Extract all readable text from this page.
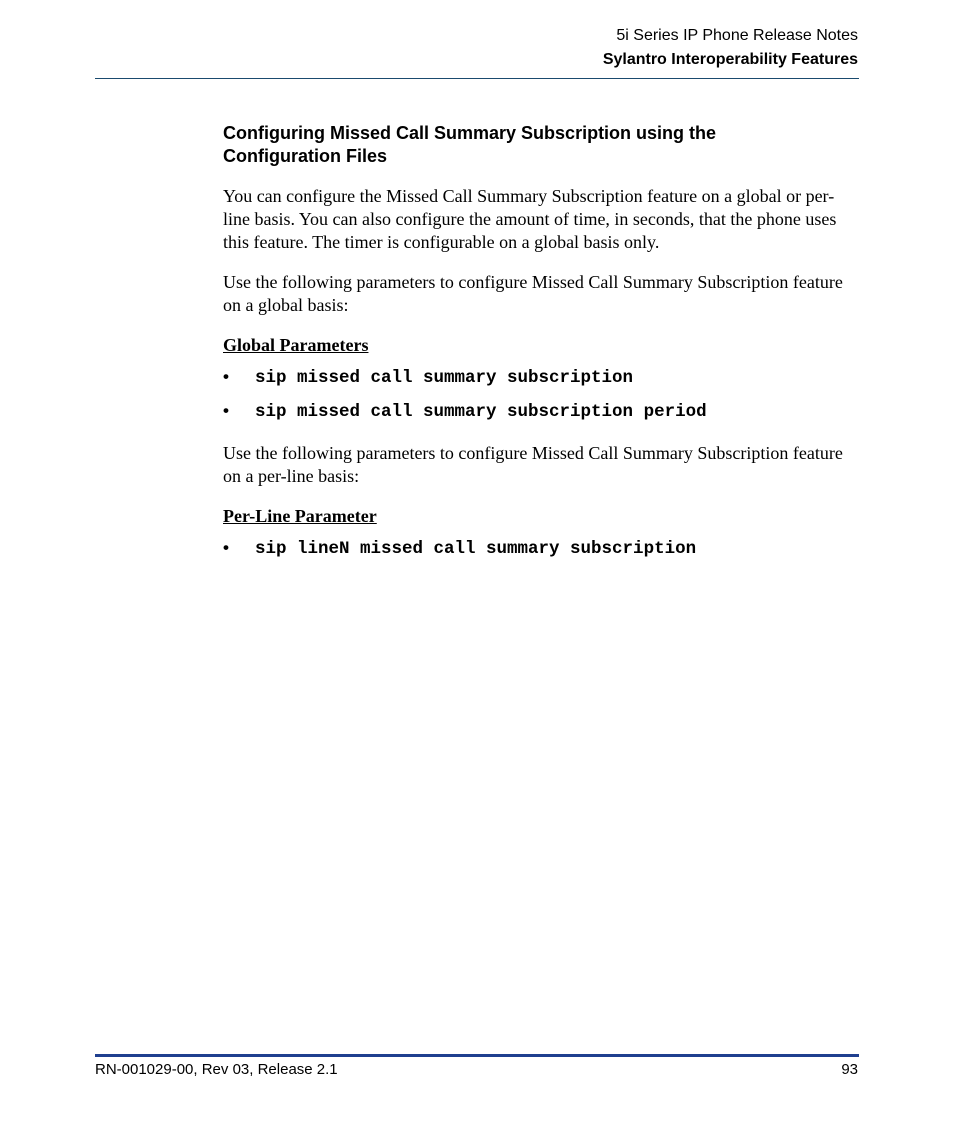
5i Series IP Phone Release Notes
Sylantro Interoperability Features
Configuring Missed Call Summary Subscription using the Configuration Files

You can configure the Missed Call Summary Subscription feature on a global or per-line basis. You can also configure the amount of time, in seconds, that the phone uses this feature. The timer is configurable on a global basis only.

Use the following parameters to configure Missed Call Summary Subscription feature on a global basis:

Global Parameters
•	sip missed call summary subscription
•	sip missed call summary subscription period

Use the following parameters to configure Missed Call Summary Subscription feature on a per-line basis:

Per-Line Parameter
•	sip lineN missed call summary subscription
RN-001029-00, Rev 03, Release 2.1	93
